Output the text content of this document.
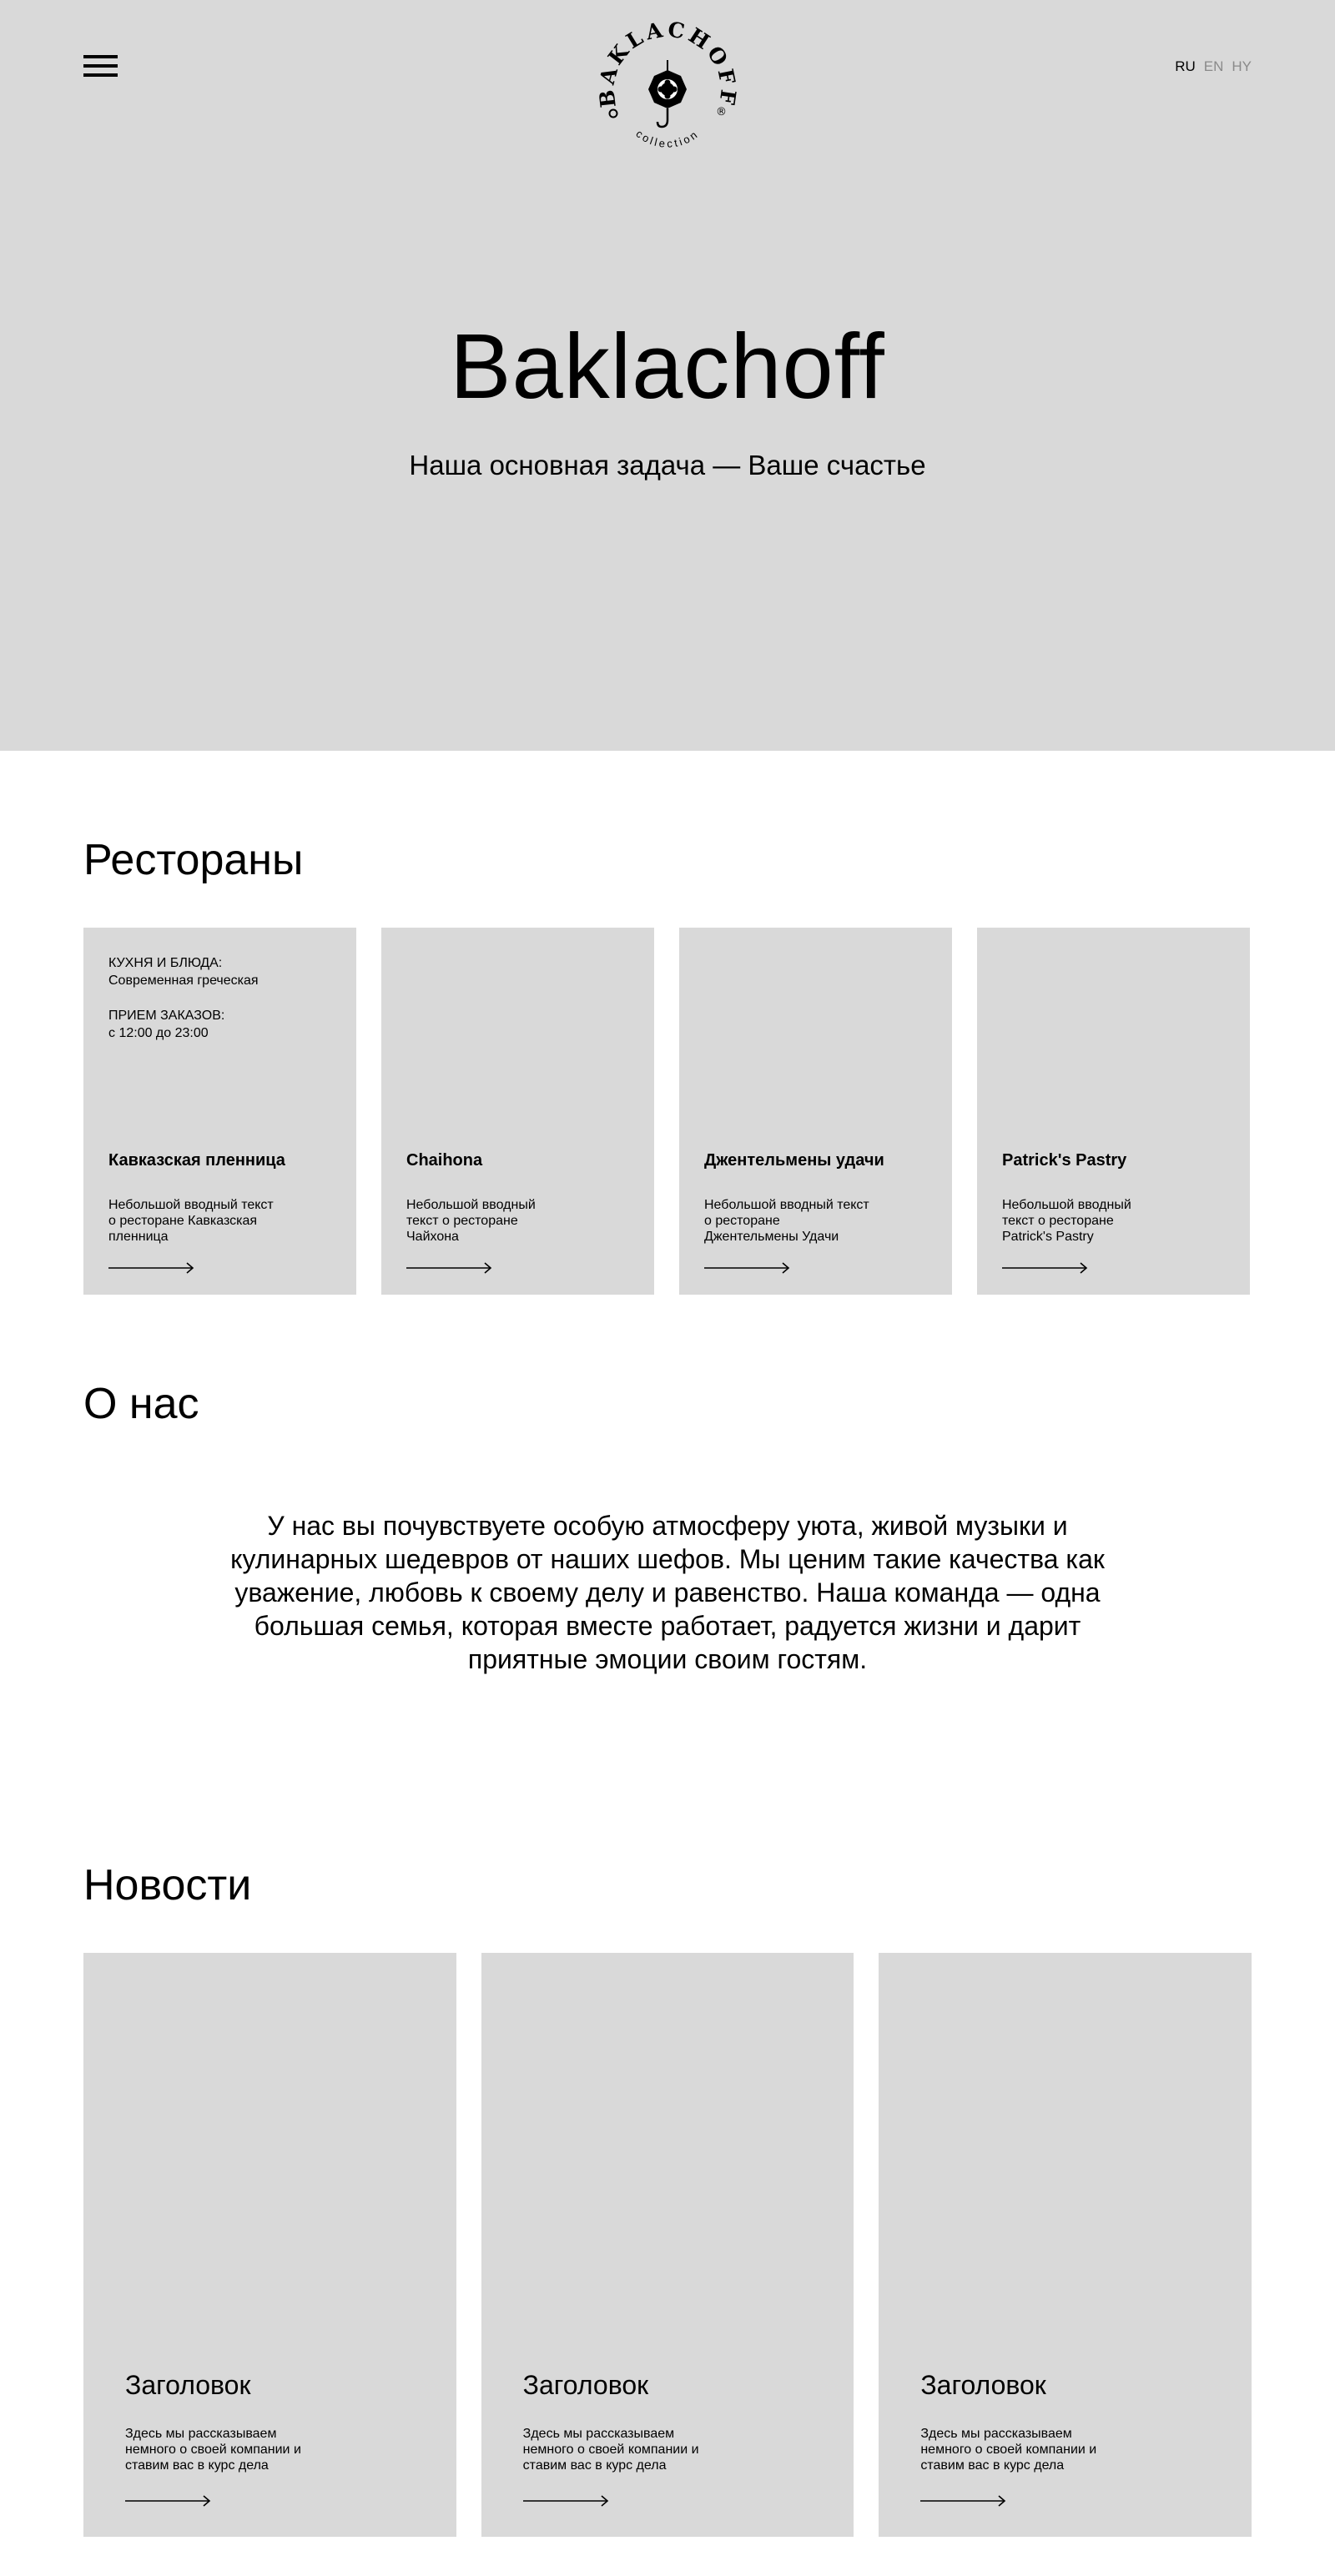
BAKLACHOFF
collection
®
RU EN HY
Baklachoff

Наша основная задача — Ваше счастье

Рестораны

КУХНЯ И БЛЮДА:
Современная греческая

ПРИЕМ ЗАКАЗОВ:
с 12:00 до 23:00

Кавказская пленница
Небольшой вводный текст
о ресторане Кавказская
пленница
Chaihona
Небольшой вводный
текст о ресторане
Чайхона
Джентельмены удачи
Небольшой вводный текст
о ресторане
Джентельмены Удачи
Patrick's Pastry
Небольшой вводный
текст о ресторане
Patrick's Pastry
О нас

У нас вы почувствуете особую атмосферу уюта, живой музыки и кулинарных шедевров от наших шефов. Мы ценим такие качества как уважение, любовь к своему делу и равенство. Наша команда — одна большая семья, которая вместе работает, радуется жизни и дарит приятные эмоции своим гостям.

Новости
Заголовок
Здесь мы рассказываем
немного о своей компании и
ставим вас в курс дела
Заголовок
Здесь мы рассказываем
немного о своей компании и
ставим вас в курс дела
Заголовок
Здесь мы рассказываем
немного о своей компании и
ставим вас в курс дела
